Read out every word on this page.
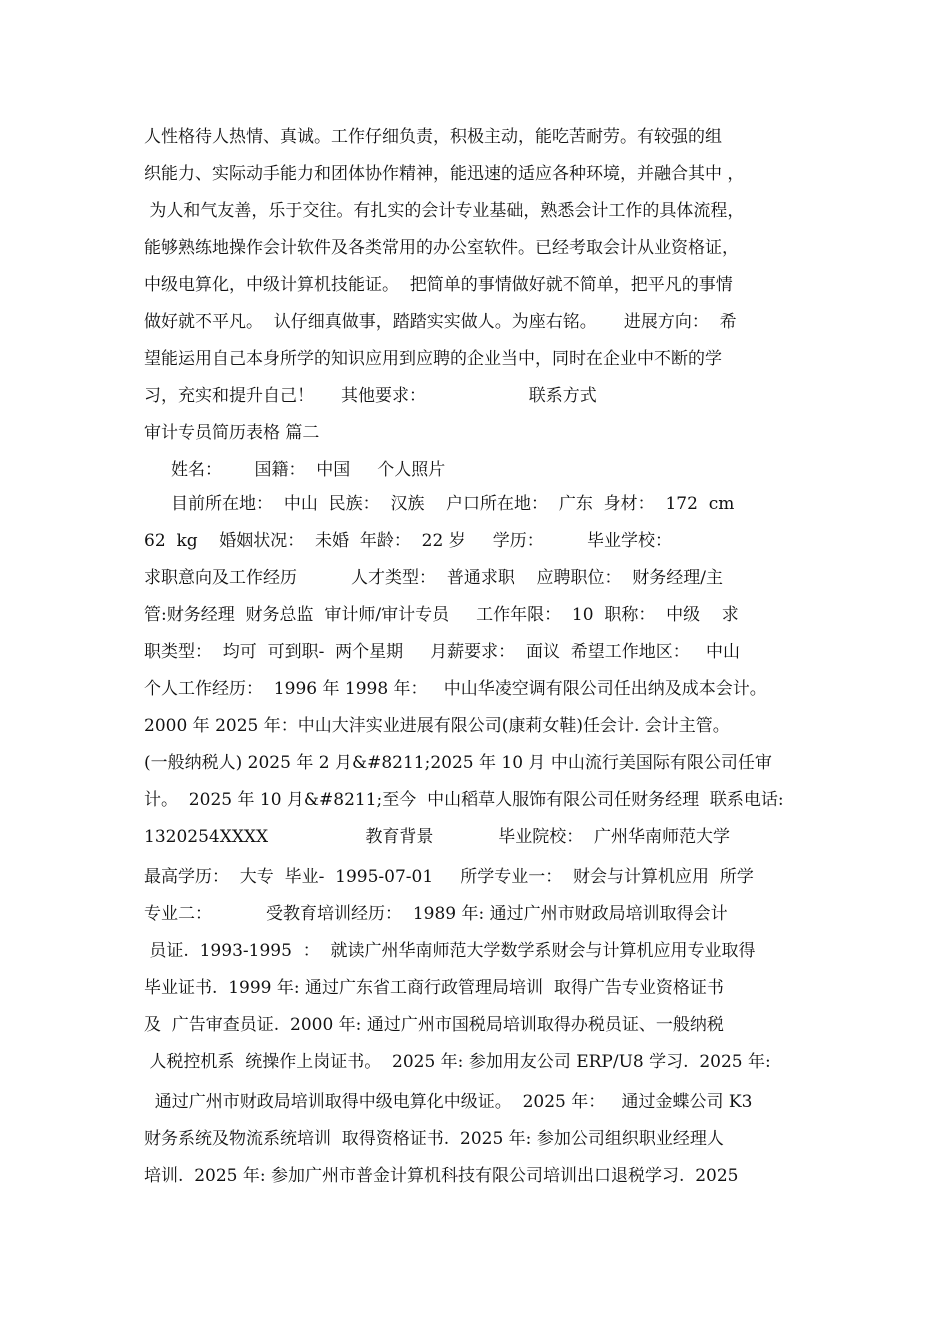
人性格待人热情、真诚。工作仔细负责，积极主动，能吃苦耐劳。有较强的组
织能力、实际动手能力和团体协作精神，能迅速的适应各种环境，并融合其中 ，
为人和气友善，乐于交往。有扎实的会计专业基础，熟悉会计工作的具体流程，
能够熟练地操作会计软件及各类常用的办公室软件。已经考取会计从业资格证，
中级电算化，中级计算机技能证。  把简单的事情做好就不简单，把平凡的事情
做好就不平凡。  认仔细真做事，踏踏实实做人。为座右铭。     进展方向：  希
望能运用自己本身所学的知识应用到应聘的企业当中，同时在企业中不断的学
习，充实和提升自己！     其他要求：                   联系方式
审计专员简历表格 篇二
姓名：      国籍：  中国     个人照片
目前所在地：  中山  民族：  汉族    户口所在地：  广东  身材：  172  cm
62  kg    婚姻状况：  未婚  年龄：  22 岁     学历：        毕业学校：
求职意向及工作经历          人才类型：  普通求职    应聘职位：  财务经理/主
管:财务经理  财务总监  审计师/审计专员     工作年限：  10  职称：  中级    求
职类型：  均可  可到职-  两个星期     月薪要求：  面议  希望工作地区：   中山
个人工作经历：  1996 年 1998 年：   中山华凌空调有限公司任出纳及成本会计。
2000 年 2025 年：中山大沣实业进展有限公司(康莉女鞋)任会计. 会计主管。
(一般纳税人) 2025 年 2 月&#8211;2025 年 10 月 中山流行美国际有限公司任审
计。  2025 年 10 月&#8211;至今  中山稻草人服饰有限公司任财务经理  联系电话:
1320254XXXX                  教育背景            毕业院校：  广州华南师范大学
最高学历：  大专  毕业-  1995-07-01     所学专业一：  财会与计算机应用  所学
专业二：          受教育培训经历：  1989 年: 通过广州市财政局培训取得会计
员证.  1993-1995  ：  就读广州华南师范大学数学系财会与计算机应用专业取得
毕业证书.  1999 年: 通过广东省工商行政管理局培训  取得广告专业资格证书
及  广告审查员证.  2000 年: 通过广州市国税局培训取得办税员证、一般纳税
人税控机系  统操作上岗证书。  2025 年: 参加用友公司 ERP/U8 学习.  2025 年:
通过广州市财政局培训取得中级电算化中级证。  2025 年：   通过金蝶公司 K3
财务系统及物流系统培训  取得资格证书.  2025 年: 参加公司组织职业经理人
培训.  2025 年: 参加广州市普金计算机科技有限公司培训出口退税学习.  2025
